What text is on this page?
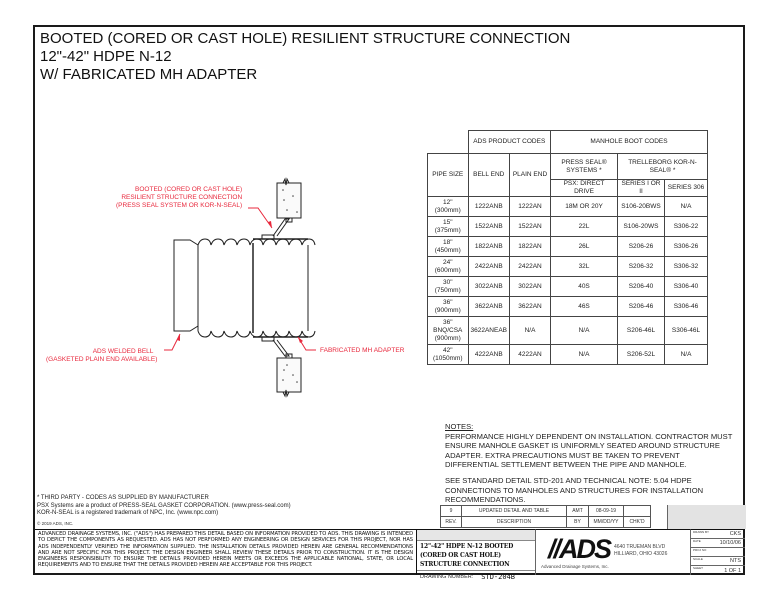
BOOTED (CORED OR CAST HOLE) RESILIENT STRUCTURE CONNECTION
12"-42" HDPE N-12
W/ FABRICATED MH ADAPTER
BOOTED (CORED OR CAST HOLE)
RESILIENT STRUCTURE CONNECTION
(PRESS SEAL SYSTEM OR KOR-N-SEAL)
ADS WELDED BELL
(GASKETED PLAIN END AVAILABLE)
FABRICATED MH ADAPTER
	ADS PRODUCT CODES		MANHOLE BOOT CODES		
PIPE SIZE	BELL END	PLAIN END	PRESS SEAL® SYSTEMS *	TRELLEBORG KOR-N-SEAL® *	
			PSX: DIRECT DRIVE	SERIES I OR II	SERIES 306

12"
(300mm)	1222ANB	1222AN	18M OR 20Y	S106-20BWS	N/A

15"
(375mm)	1522ANB	1522AN	22L	S106-20WS	S306-22

18"
(450mm)	1822ANB	1822AN	26L	S206-26	S306-26

24"
(600mm)	2422ANB	2422AN	32L	S206-32	S306-32

30"
(750mm)	3022ANB	3022AN	40S	S206-40	S306-40

36"
(900mm)	3622ANB	3622AN	46S	S206-46	S306-46

36" BNQ/CSA
(900mm)	3622ANEAB	N/A	N/A	S206-46L	S306-46L

42"
(1050mm)	4222ANB	4222AN	N/A	S206-52L	N/A
NOTES:

PERFORMANCE HIGHLY DEPENDENT ON INSTALLATION. CONTRACTOR MUST ENSURE MANHOLE GASKET IS UNIFORMLY SEATED AROUND STRUCTURE ADAPTER. EXTRA PRECAUTIONS MUST BE TAKEN TO PREVENT DIFFERENTIAL SETTLEMENT BETWEEN THE PIPE AND MANHOLE.

SEE STANDARD DETAIL STD-201 AND TECHNICAL NOTE: 5.04 HDPE CONNECTIONS TO MANHOLES AND STRUCTURES FOR INSTALLATION RECOMMENDATIONS.

* THIRD PARTY - CODES AS SUPPLIED BY MANUFACTURER
PSX Systems are a product of PRESS-SEAL GASKET CORPORATION. (www.press-seal.com)
KOR-N-SEAL is a registered trademark of NPC, Inc. (www.npc.com)
© 2019 ADS, INC.
9	UPDATED DETAIL AND TABLE	AMT	08-09-19	
REV.	DESCRIPTION	BY	MM/DD/YY	CHK'D
ADVANCED DRAINAGE SYSTEMS, INC. ("ADS") HAS PREPARED THIS DETAIL BASED ON INFORMATION PROVIDED TO ADS. THIS DRAWING IS INTENDED TO DEPICT THE COMPONENTS AS REQUESTED. ADS HAS NOT PERFORMED ANY ENGINEERING OR DESIGN SERVICES FOR THIS PROJECT, NOR HAS ADS INDEPENDENTLY VERIFIED THE INFORMATION SUPPLIED. THE INSTALLATION DETAILS PROVIDED HEREIN ARE GENERAL RECOMMENDATIONS AND ARE NOT SPECIFIC FOR THIS PROJECT. THE DESIGN ENGINEER SHALL REVIEW THESE DETAILS PRIOR TO CONSTRUCTION. IT IS THE DESIGN ENGINEERS RESPONSIBILITY TO ENSURE THE DETAILS PROVIDED HEREIN MEETS OR EXCEEDS THE APPLICABLE NATIONAL, STATE, OR LOCAL REQUIREMENTS AND TO ENSURE THAT THE DETAILS PROVIDED HEREIN ARE ACCEPTABLE FOR THIS PROJECT.
12"-42" HDPE N-12 BOOTED (CORED OR CAST HOLE) STRUCTURE CONNECTION
DRAWING NUMBER: STD-204B
//ADS
Advanced Drainage Systems, Inc.
4640 TRUEMAN BLVD
HILLIARD, OHIO 43026
DRAWN BY	CKS
DATE	10/10/06
PROJ NO
SCALE	NTS
SHEET	1 OF 1
